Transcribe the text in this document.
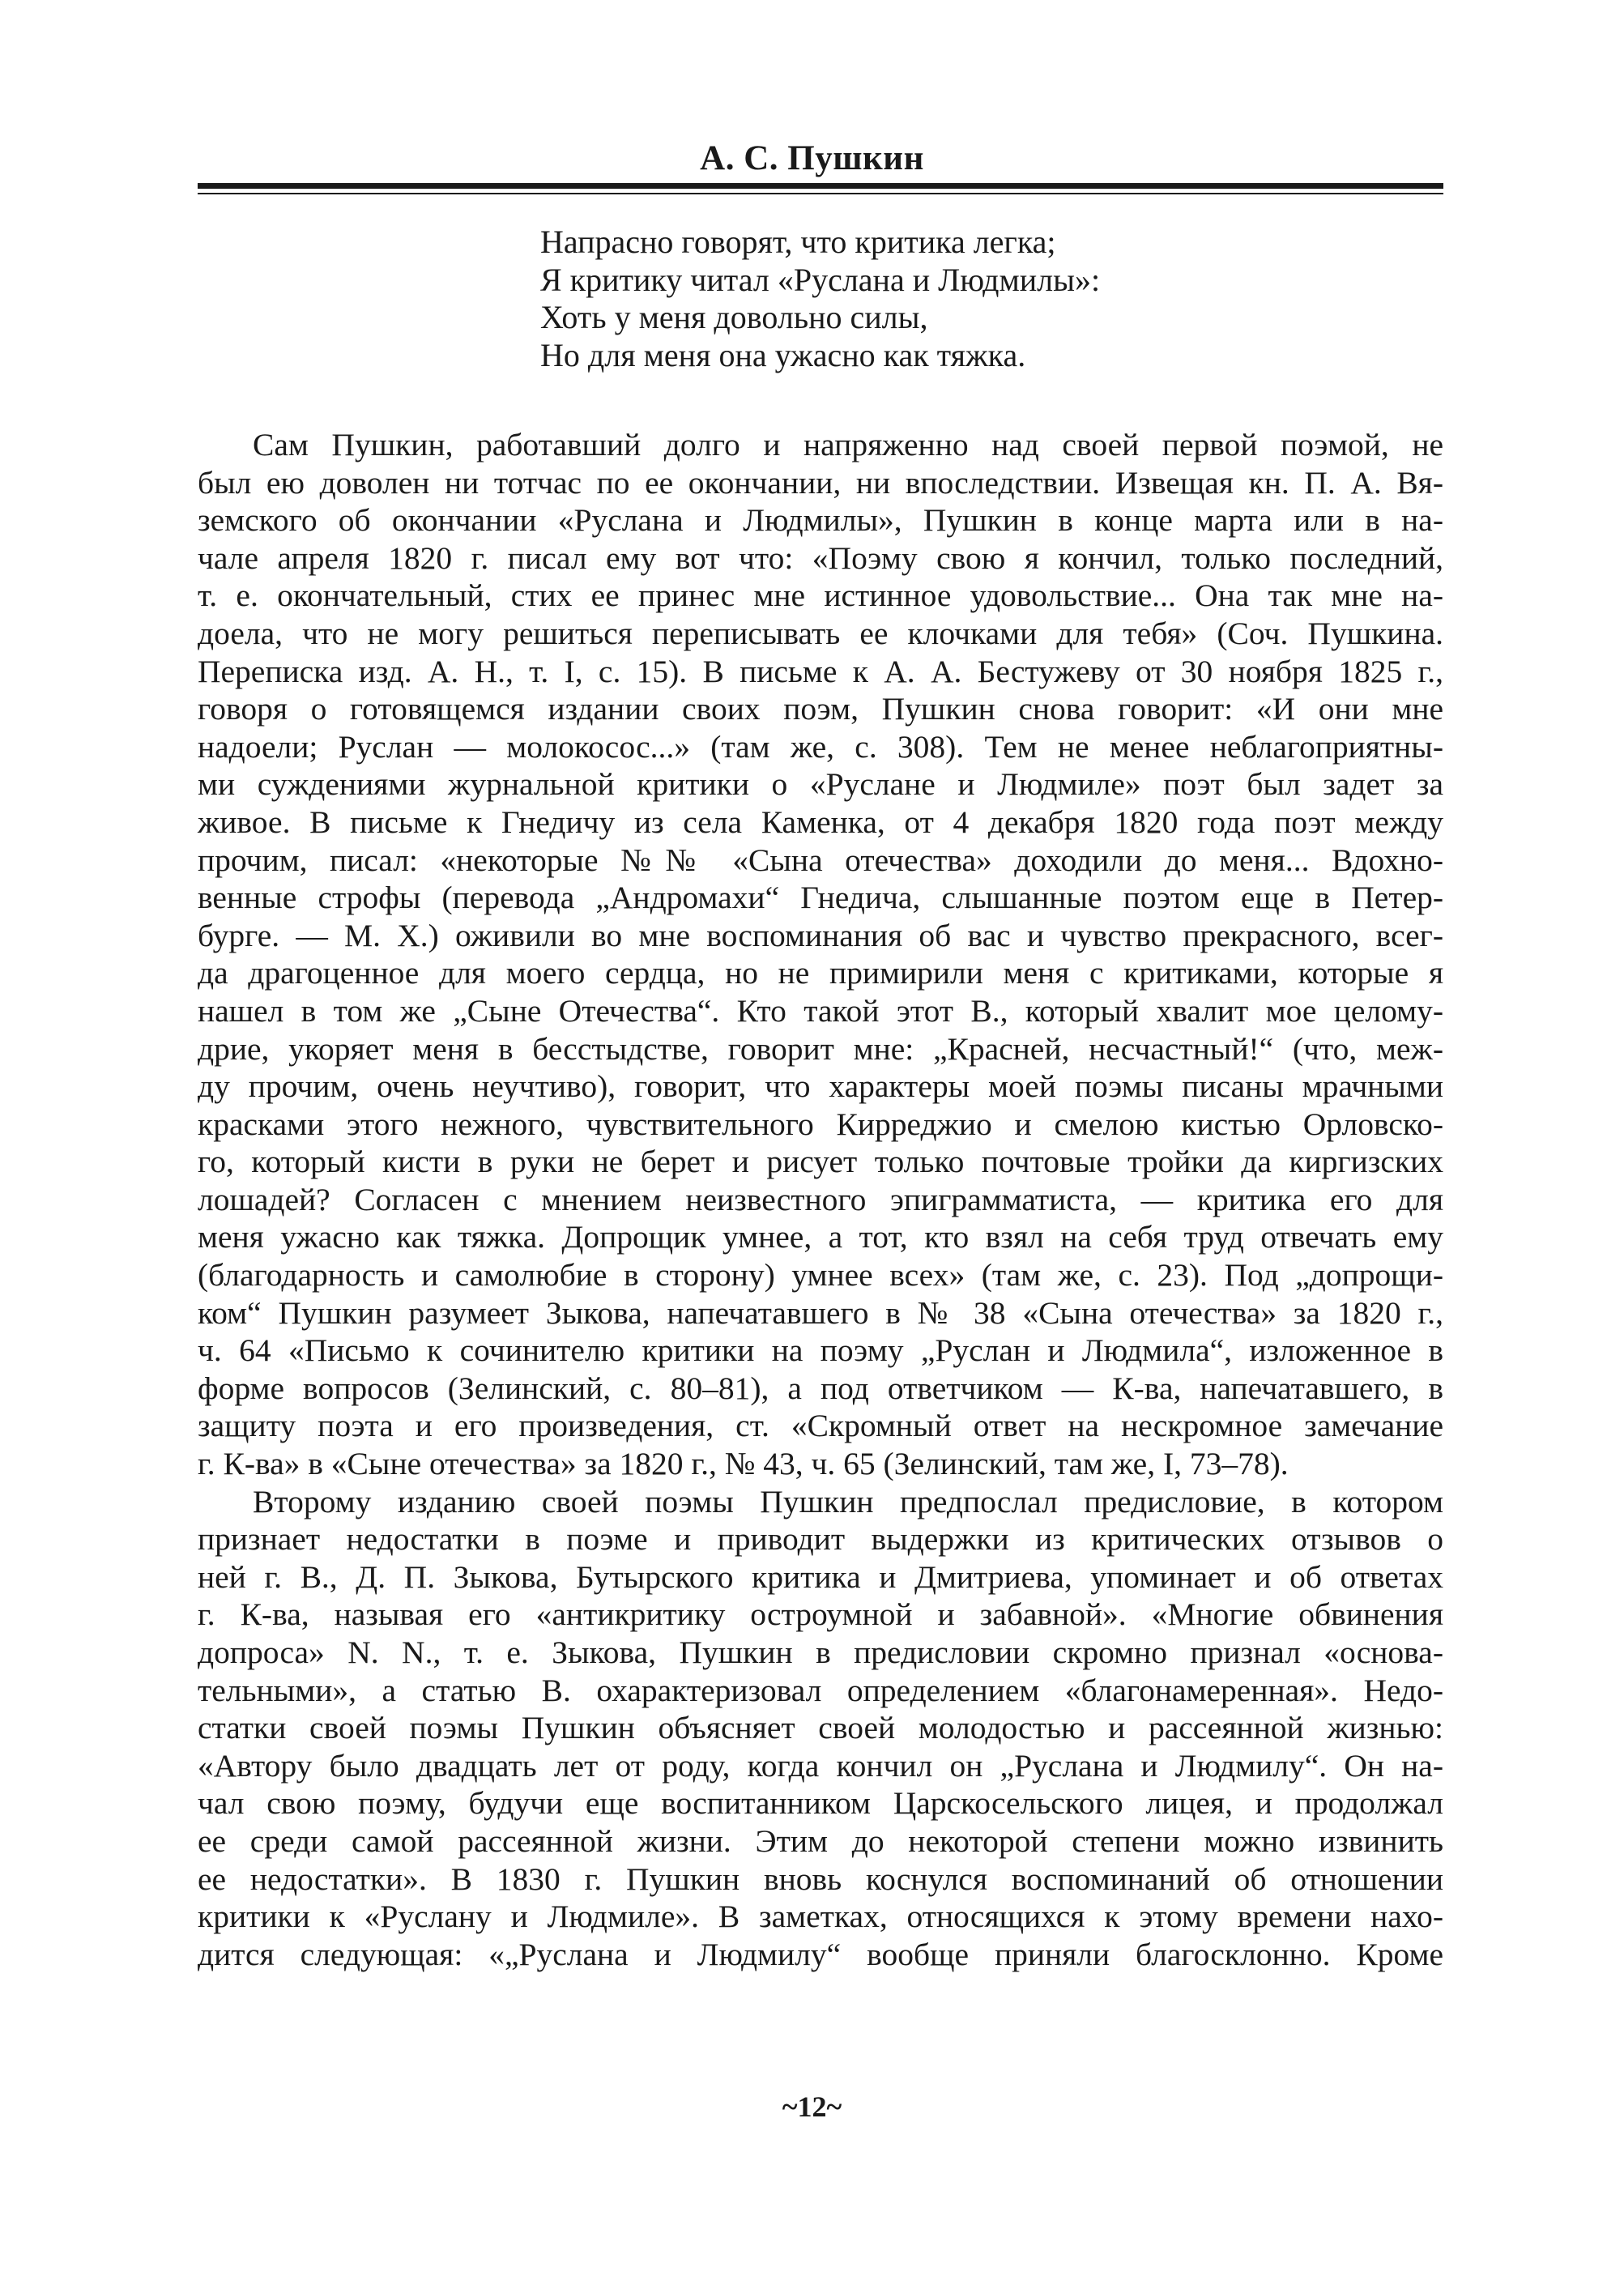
А. С. Пушкин
Напрасно говорят, что критика легка;
Я критику читал «Руслана и Людмилы»:
Хоть у меня довольно силы,
Но для меня она ужасно как тяжка.
Сам Пушкин, работавший долго и напряженно над своей первой поэмой, не
был ею доволен ни тотчас по ее окончании, ни впоследствии. Извещая кн. П. А. Вя-
земского об окончании «Руслана и Людмилы», Пушкин в конце марта или в на-
чале апреля 1820 г. писал ему вот что: «Поэму свою я кончил, только последний,
т. е. окончательный, стих ее принес мне истинное удовольствие... Она так мне на-
доела, что не могу решиться переписывать ее клочками для тебя» (Соч. Пушкина.
Переписка изд. А. Н., т. I, с. 15). В письме к А. А. Бестужеву от 30 ноября 1825 г.,
говоря о готовящемся издании своих поэм, Пушкин снова говорит: «И они мне
надоели; Руслан — молокосос...» (там же, с. 308). Тем не менее неблагоприятны-
ми суждениями журнальной критики о «Руслане и Людмиле» поэт был задет за
живое. В письме к Гнедичу из села Каменка, от 4 декабря 1820 года поэт между
прочим, писал: «некоторые №№ «Сына отечества» доходили до меня... Вдохно-
венные строфы (перевода „Андромахи“ Гнедича, слышанные поэтом еще в Петер-
бурге. — М. Х.) оживили во мне воспоминания об вас и чувство прекрасного, всег-
да драгоценное для моего сердца, но не примирили меня с критиками, которые я
нашел в том же „Сыне Отечества“. Кто такой этот В., который хвалит мое целому-
дрие, укоряет меня в бесстыдстве, говорит мне: „Красней, несчастный!“ (что, меж-
ду прочим, очень неучтиво), говорит, что характеры моей поэмы писаны мрачными
красками этого нежного, чувствительного Кирреджио и смелою кистью Орловско-
го, который кисти в руки не берет и рисует только почтовые тройки да киргизских
лошадей? Согласен с мнением неизвестного эпиграмматиста, — критика его для
меня ужасно как тяжка. Допрощик умнее, а тот, кто взял на себя труд отвечать ему
(благодарность и самолюбие в сторону) умнее всех» (там же, с. 23). Под „допрощи-
ком“ Пушкин разумеет Зыкова, напечатавшего в № 38 «Сына отечества» за 1820 г.,
ч. 64 «Письмо к сочинителю критики на поэму „Руслан и Людмила“, изложенное в
форме вопросов (Зелинский, с. 80–81), а под ответчиком — К-ва, напечатавшего, в
защиту поэта и его произведения, ст. «Скромный ответ на нескромное замечание
г. К-ва» в «Сыне отечества» за 1820 г., № 43, ч. 65 (Зелинский, там же, I, 73–78).
Второму изданию своей поэмы Пушкин предпослал предисловие, в котором
признает недостатки в поэме и приводит выдержки из критических отзывов о
ней г. В., Д. П. Зыкова, Бутырского критика и Дмитриева, упоминает и об ответах
г. К-ва, называя его «антикритику остроумной и забавной». «Многие обвинения
допроса» N. N., т. е. Зыкова, Пушкин в предисловии скромно признал «основа-
тельными», а статью В. охарактеризовал определением «благонамеренная». Недо-
статки своей поэмы Пушкин объясняет своей молодостью и рассеянной жизнью:
«Автору было двадцать лет от роду, когда кончил он „Руслана и Людмилу“. Он на-
чал свою поэму, будучи еще воспитанником Царскосельского лицея, и продолжал
ее среди самой рассеянной жизни. Этим до некоторой степени можно извинить
ее недостатки». В 1830 г. Пушкин вновь коснулся воспоминаний об отношении
критики к «Руслану и Людмиле». В заметках, относящихся к этому времени нахо-
дится следующая: «„Руслана и Людмилу“ вообще приняли благосклонно. Кроме
~12~
